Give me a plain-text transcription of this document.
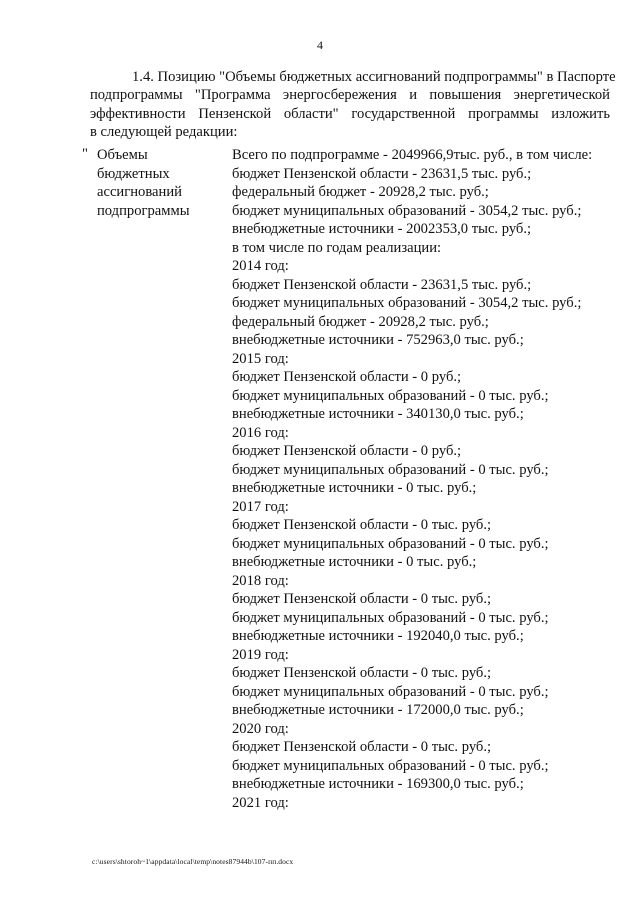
4

1.4. Позицию "Объемы бюджетных ассигнований подпрограммы" в Паспорте
подпрограммы "Программа энергосбережения и повышения энергетической
эффективности Пензенской области" государственной программы изложить
в следующей редакции:

" Объемы
бюджетных
ассигнований
подпрограммы
Всего по подпрограмме - 2049966,9тыс. руб., в том числе:
бюджет Пензенской области - 23631,5 тыс. руб.;
федеральный бюджет - 20928,2 тыс. руб.;
бюджет муниципальных образований - 3054,2 тыс. руб.;
внебюджетные источники - 2002353,0 тыс. руб.;
в том числе по годам реализации:
2014 год:
бюджет Пензенской области - 23631,5 тыс. руб.;
бюджет муниципальных образований - 3054,2 тыс. руб.;
федеральный бюджет - 20928,2 тыс. руб.;
внебюджетные источники - 752963,0 тыс. руб.;
2015 год:
бюджет Пензенской области - 0 руб.;
бюджет муниципальных образований - 0 тыс. руб.;
внебюджетные источники - 340130,0 тыс. руб.;
2016 год:
бюджет Пензенской области - 0 руб.;
бюджет муниципальных образований - 0 тыс. руб.;
внебюджетные источники - 0 тыс. руб.;
2017 год:
бюджет Пензенской области - 0 тыс. руб.;
бюджет муниципальных образований - 0 тыс. руб.;
внебюджетные источники - 0 тыс. руб.;
2018 год:
бюджет Пензенской области - 0 тыс. руб.;
бюджет муниципальных образований - 0 тыс. руб.;
внебюджетные источники - 192040,0 тыс. руб.;
2019 год:
бюджет Пензенской области - 0 тыс. руб.;
бюджет муниципальных образований - 0 тыс. руб.;
внебюджетные источники - 172000,0 тыс. руб.;
2020 год:
бюджет Пензенской области - 0 тыс. руб.;
бюджет муниципальных образований - 0 тыс. руб.;
внебюджетные источники - 169300,0 тыс. руб.;
2021 год:
c:\users\shtoroh~1\appdata\local\temp\notes87944b\107-пп.docx
